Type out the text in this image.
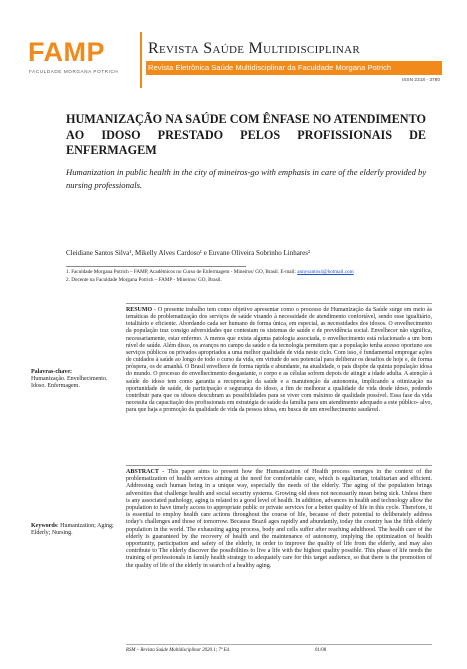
FAMP
FACULDADE MORGANA POTRICH
Revista Saúde Multidisciplinar
Revista Eletrônica Saúde Multidisciplinar da Faculdade Morgana Potrich
ISSN 2318 - 3780
HUMANIZAÇÃO NA SAÚDE COM ÊNFASE NO ATENDIMENTO AO IDOSO PRESTADO PELOS PROFISSIONAIS DE ENFERMAGEM
Humanization in public health in the city of mineiros-go with emphasis in care of the elderly provided by nursing professionals.
Cleidiane Santos Silva¹, Mikelly Alves Cardoso¹ e Euvane Oliveira Sobrinho Linhares²
1. Faculdade Morgana Potrich – FAMP, Acadêmicos no Curso de Enfermagem - Mineiros/ GO, Brasil. E-mail: annysantos4@hotmail.com
2. Docente na Faculdade Morgana Potrich – FAMP - Mineiros/ GO, Brasil.
RESUMO - O presente trabalho tem como objetivo apresentar como o processo de Humanização da Saúde surge em meio às temáticas de problematização dos serviços de saúde visando à necessidade de atendimento confortável, sendo esse igualitário, totalitário e eficiente. Abordando cada ser humano de forma única, em especial, as necessidades dos idosos. O envelhecimento da população traz consigo adversidades que contestam os sistemas de saúde e de previdência social. Envelhecer não significa, necessariamente, estar enfermo. A menos que exista alguma patologia associada, o envelhecimento está relacionado a um bom nível de saúde. Além disso, os avanços no campo da saúde e da tecnologia permitem que a população tenha acesso oportuno aos serviços públicos ou privados apropriados a uma melhor qualidade de vida neste ciclo. Com isso, é fundamental empregar ações de cuidados à saúde ao longo de todo o curso da vida, em virtude do seu potencial para deliberar os desafios de hoje e, de forma próspera, os de amanhã. O Brasil envelhece de forma rápida e abundante, na atualidade, o país dispõe da quinta população idosa do mundo. O processo do envelhecimento desgastante, o corpo e as células sofrem depois de atingir a idade adulta. A atenção à saúde do idoso tem como garantia a recuperação da saúde e a manutenção da autonomia, implicando a otimização na oportunidade de saúde, de participação e segurança do idoso, a fim de melhorar a qualidade de vida desde idoso, podendo contribuir para que os idosos descubram as possibilidades para se viver com máximo de qualidade possível. Essa fase da vida necessita da capacitação dos profissionais em estratégia de saúde da família para um atendimento adequado a este público- alvo, para que haja a promoção da qualidade de vida da pessoa idosa, em busca de um envelhecimento saudável.
Palavras-chave:
Humanização. Envelhecimento. Idoso. Enfermagem.
ABSTRACT - This paper aims to present how the Humanization of Health process emerges in the context of the problematization of health services aiming at the need for comfortable care, which is egalitarian, totalitarian and efficient. Addressing each human being in a unique way, especially the needs of the elderly. The aging of the population brings adversities that challenge health and social security systems. Growing old does not necessarily mean being sick. Unless there is any associated pathology, aging is related to a good level of health. In addition, advances in health and technology allow the population to have timely access to appropriate public or private services for a better quality of life in this cycle. Therefore, it is essential to employ health care actions throughout the course of life, because of their potential to deliberately address today's challenges and those of tomorrow. Because Brazil ages rapidly and abundantly, today the country has the fifth elderly population in the world. The exhausting aging process, body and cells suffer after reaching adulthood. The health care of the elderly is guaranteed by the recovery of health and the maintenance of autonomy, implying the optimization of health opportunity, participation and safety of the elderly, in order to improve the quality of life from the elderly, and may also contribute to The elderly discover the possibilities to live a life with the highest quality possible. This phase of life needs the training of professionals in family health strategy to adequately care for this target audience, so that there is the promotion of the quality of life of the elderly in search of a healthy aging.
Keywords: Humanization; Aging; Elderly; Nursing.
RSM – Revista Saúde Multidisciplinar 2020.1; 7ª Ed.	01/08
